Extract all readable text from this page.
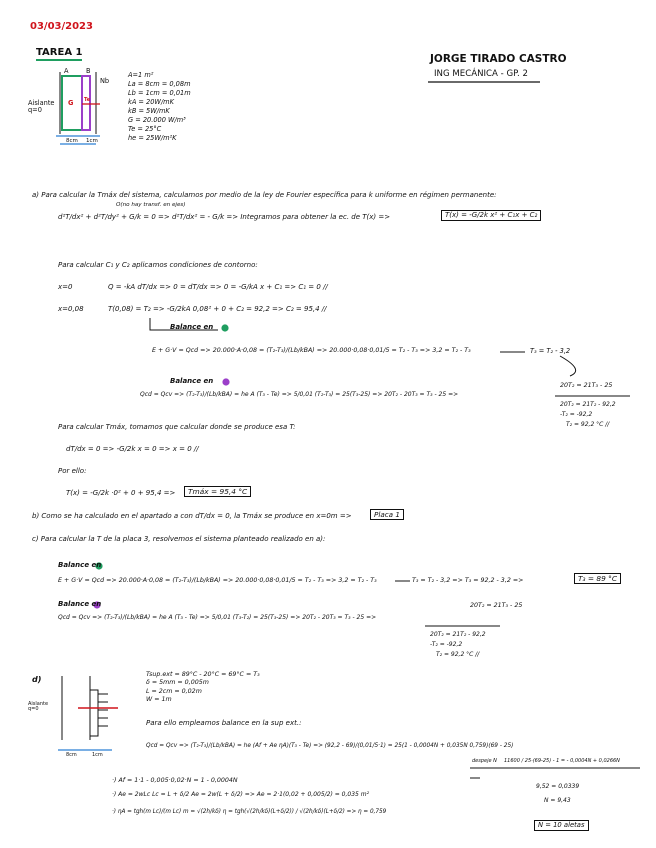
03/03/2023
TAREA 1
JORGE TIRADO CASTRO
ING MECÁNICA - GP. 2
A	B
Nb
Aislante
q=0
G Te
8cm 1cm
A=1 m²
La = 8cm = 0,08m
Lb = 1cm = 0,01m
kA = 20W/mK
kB = 5W/mK
G = 20.000 W/m³
Te = 25°C
he = 25W/m²K
a) Para calcular la Tmáx del sistema, calculamos por medio de la ley de Fourier específica para k uniforme en régimen permanente:
O(no hay transf. en ejes)
d²T/dx² + d²T/dy² + G/k = 0 => d²T/dx² = - G/k => Integramos para obtener la ec. de T(x) =>	T(x) = -G/2k x² + C₁x + C₂
Para calcular C₁ y C₂ aplicamos condiciones de contorno:
x=0	Q = -kA dT/dx => 0 = dT/dx => 0 = -G/kA x + C₁ => C₁ = 0 //
x=0,08	T(0,08) = T₂ => -G/2kA 0,08² + 0 + C₂ = 92,2 => C₂ = 95,4 //
Balance en
E + G·V = Qcd => 20.000·A·0,08 = (T₂-T₃)/(Lb/kBA) => 20.000·0,08·0,01/5 = T₂ - T₃ => 3,2 = T₂ - T₃	T₃ = T₂ - 3,2
Balance en
Qcd = Qcv => (T₂-T₃)/(Lb/kBA) = he A (T₃ - Te) => 5/0,01 (T₂-T₃) = 25(T₃-25) => 20T₂ - 20T₃ = T₃ - 25 =>
20T₂ = 21T₃ - 25
20T₂ = 21T₂ - 92,2
-T₂ = -92,2
T₂ = 92,2 °C //
Para calcular Tmáx, tomamos que calcular donde se produce esa T:
dT/dx = 0 => -G/2k x = 0 => x = 0 //
Por ello:
T(x) = -G/2k ·0² + 0 + 95,4 =>	Tmáx = 95,4 °C
b) Como se ha calculado en el apartado a con dT/dx = 0, la Tmáx se produce en x=0m =>	Placa 1
c) Para calcular la T de la placa 3, resolvemos el sistema planteado realizado en a):
Balance en
E + G·V = Qcd => 20.000·A·0,08 = (T₂-T₃)/(Lb/kBA) => 20.000·0,08·0,01/5 = T₂ - T₃ => 3,2 = T₂ - T₃	T₃ = T₂ - 3,2 => T₃ = 92,2 - 3,2 =>	T₃ = 89 °C
Balance en
Qcd = Qcv => (T₂-T₃)/(Lb/kBA) = he A (T₃ - Te) => 5/0,01 (T₃-T₂) = 25(T₃-25) => 20T₂ - 20T₃ = T₃ - 25 =>
20T₂ = 21T₃ - 25
20T₂ = 21T₂ - 92,2
-T₂ = -92,2
T₂ = 92,2 °C //
d)
Aislante
q=0
8cm	1cm
Tsup.ext = 89°C - 20°C = 69°C = T₃
δ = 5mm = 0,005m
L = 2cm = 0,02m
W = 1m
Para ello empleamos balance en la sup ext.:
Qcd = Qcv => (T₂-T₃)/(Lb/kBA) = he (Af + Ae ηA)(T₃ - Te) => (92,2 - 69)/(0,01/5·1) = 25(1 - 0,0004N + 0,035N 0,759)(69 - 25)
despeje N 11600 / 25·(69-25) - 1 = - 0,0004N + 0,0266N
·) Af = 1·1 - 0,005·0,02·N = 1 - 0,0004N
·) Ae = 2wLc Lc = L + δ/2 Ae = 2w(L + δ/2) => Ae = 2·1(0,02 + 0,005/2) = 0,035 m²
·) ηA = tgh(m Lc)/(m Lc) m = √(2h/kδ) η = tgh(√(2h/kδ)(L+δ/2)) / √(2h/kδ)(L+δ/2) => η = 0,759
9,52 = 0,0339
N = 9,43
N = 10 aletas
